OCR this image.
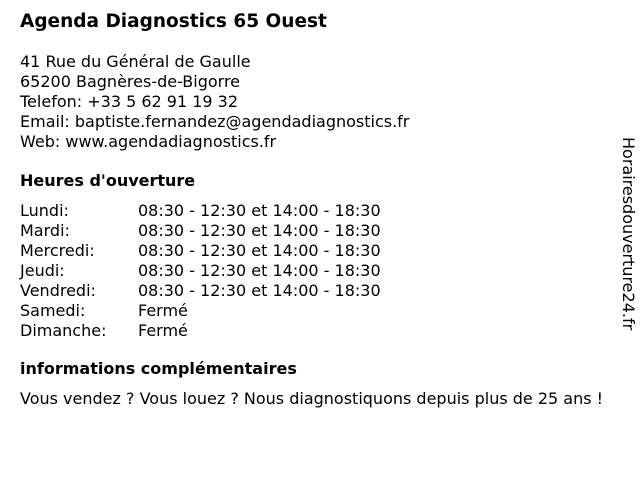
Agenda Diagnostics 65 Ouest
41 Rue du Général de Gaulle
65200 Bagnères-de-Bigorre
Telefon: +33 5 62 91 19 32
Email: baptiste.fernandez@agendadiagnostics.fr
Web: www.agendadiagnostics.fr
Heures d'ouverture
Lundi:	08:30 - 12:30 et 14:00 - 18:30
Mardi:	08:30 - 12:30 et 14:00 - 18:30
Mercredi:	08:30 - 12:30 et 14:00 - 18:30
Jeudi:	08:30 - 12:30 et 14:00 - 18:30
Vendredi:	08:30 - 12:30 et 14:00 - 18:30
Samedi:	Fermé
Dimanche:	Fermé
informations complémentaires
Vous vendez ? Vous louez ? Nous diagnostiquons depuis plus de 25 ans !
Horairesdouverture24.fr
